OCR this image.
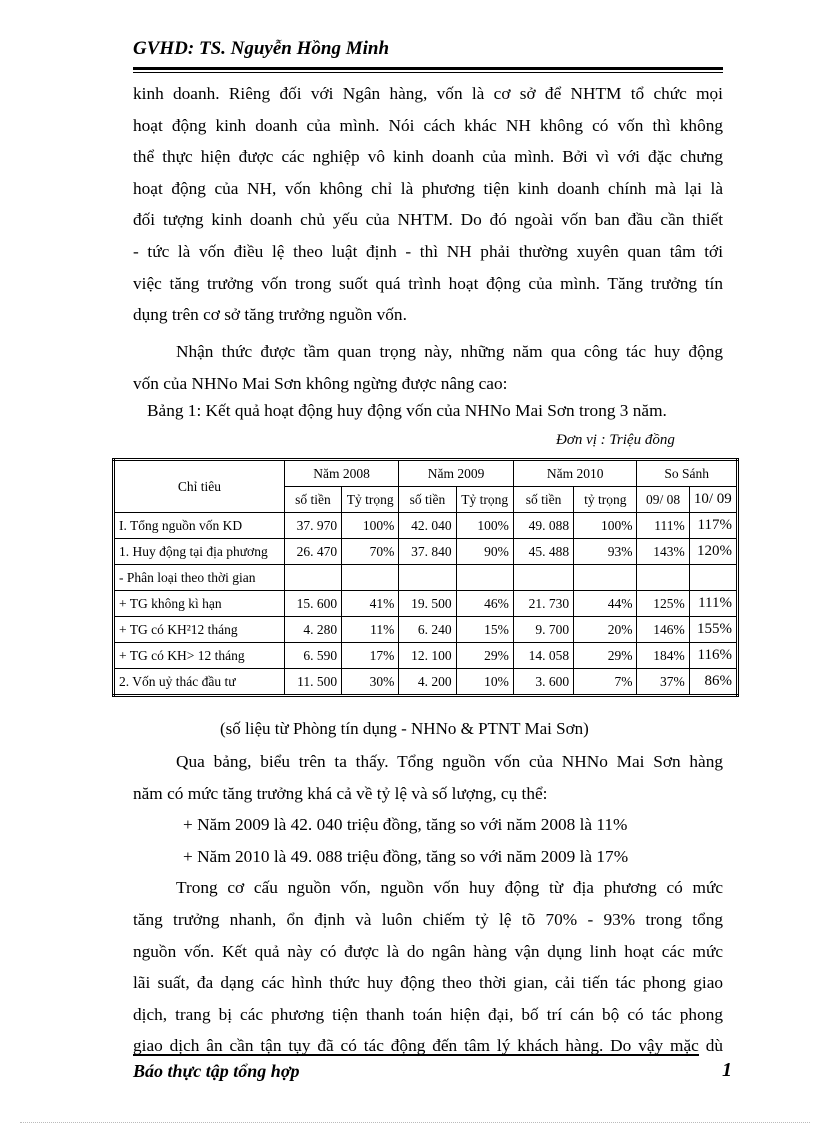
GVHD: TS. Nguyễn Hồng Minh
kinh doanh. Riêng đối với Ngân hàng, vốn là cơ sở để NHTM tổ chức mọi
hoạt động kinh doanh của mình. Nói cách khác NH không có vốn thì không
thể thực hiện được các nghiệp vô kinh doanh của mình. Bởi vì với đặc chưng
hoạt động của NH, vốn không chỉ là phương tiện kinh doanh chính mà lại là
đối tượng kinh doanh chủ yếu của NHTM. Do đó ngoài vốn ban đầu cần thiết
- tức là vốn điều lệ theo luật định - thì NH phải thường xuyên quan tâm tới
việc tăng trưởng vốn trong suốt quá trình hoạt động của mình. Tăng trưởng tín
dụng trên cơ sở tăng trưởng nguồn vốn.
Nhận thức được tầm quan trọng này, những năm qua công tác huy động
vốn của NHNo Mai Sơn không ngừng được nâng cao:
Bảng 1: Kết quả hoạt động huy động vốn của NHNo Mai Sơn trong 3 năm.
Đơn vị : Triệu đồng
Chỉ tiêu	Năm 2008		Năm 2009		Năm 2010		So Sánh	
	số tiền	Tỷ trọng	số tiền	Tỷ trọng	số tiền	tỷ trọng	09/ 08	10/ 09
I. Tổng nguồn vốn KD	37. 970	100%	42. 040	100%	49. 088	100%	111%	117%
1. Huy động tại địa phương	26. 470	70%	37. 840	90%	45. 488	93%	143%	120%
- Phân loại theo thời gian								
+ TG không kì hạn	15. 600	41%	19. 500	46%	21. 730	44%	125%	111%
+ TG có KH²12 tháng	4. 280	11%	6. 240	15%	9. 700	20%	146%	155%
+ TG có KH> 12 tháng	6. 590	17%	12. 100	29%	14. 058	29%	184%	116%
2. Vốn uỷ thác đầu tư	11. 500	30%	4. 200	10%	3. 600	7%	37%	86%
(số liệu từ Phòng tín dụng - NHNo & PTNT Mai Sơn)
Qua bảng, biểu trên ta thấy. Tổng nguồn vốn của NHNo Mai Sơn hàng
năm có mức tăng trưởng khá cả về tỷ lệ và số lượng, cụ thể:
+ Năm 2009 là 42. 040 triệu đồng, tăng so với năm 2008 là 11%
+ Năm 2010 là 49. 088 triệu đồng, tăng so với năm 2009 là 17%
Trong cơ cấu nguồn vốn, nguồn vốn huy động từ địa phương có mức
tăng trưởng nhanh, ổn định và luôn chiếm tỷ lệ tõ 70% - 93% trong tổng
nguồn vốn. Kết quả này có được là do ngân hàng vận dụng linh hoạt các mức
lãi suất, đa dạng các hình thức huy động theo thời gian, cải tiến tác phong giao
dịch, trang bị các phương tiện thanh toán hiện đại, bố trí cán bộ có tác phong
giao dịch ân cần tận tụy đã có tác động đến tâm lý khách hàng. Do vậy mặc dù
Báo thực tập tổng hợp	1
